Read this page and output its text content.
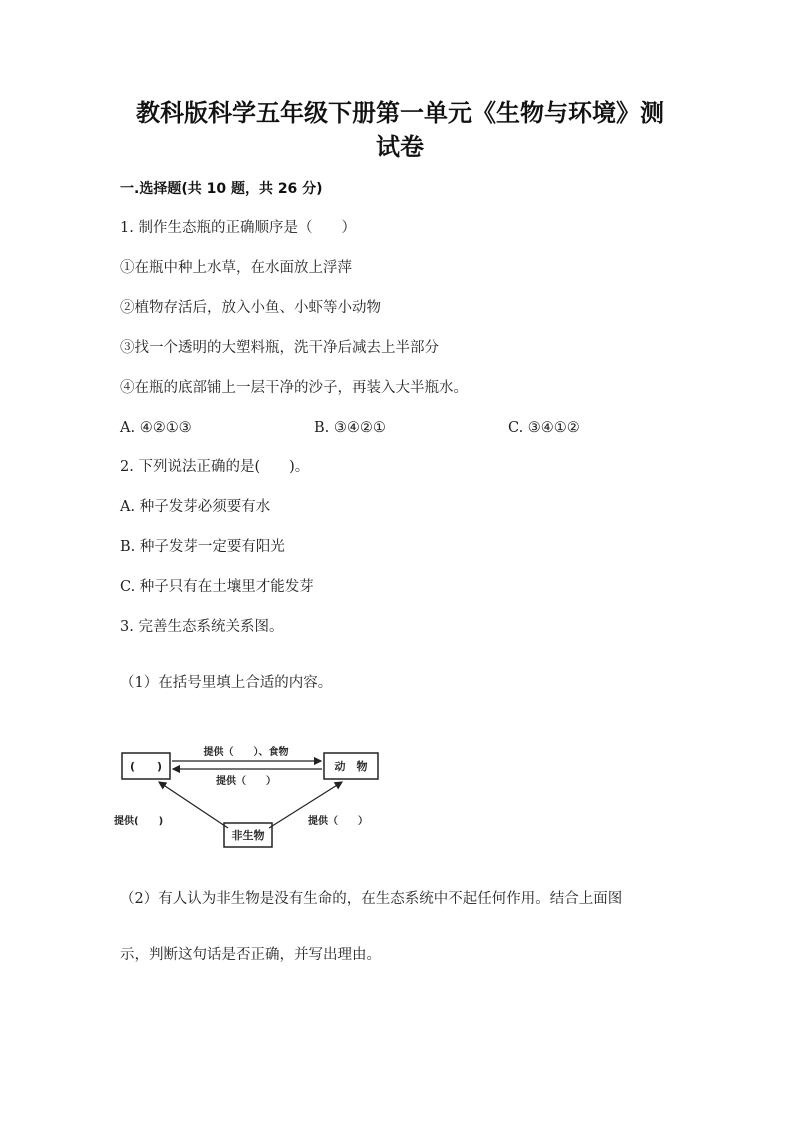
教科版科学五年级下册第一单元《生物与环境》测
试卷
一.选择题(共 10 题，共 26 分)
1. 制作生态瓶的正确顺序是（　　）
①在瓶中种上水草，在水面放上浮萍
②植物存活后，放入小鱼、小虾等小动物
③找一个透明的大塑料瓶，洗干净后减去上半部分
④在瓶的底部铺上一层干净的沙子，再装入大半瓶水。
A. ④②①③	B. ③④②①	C. ③④①②
2. 下列说法正确的是(　　)。
A. 种子发芽必须要有水
B. 种子发芽一定要有阳光
C. 种子只有在土壤里才能发芽
3. 完善生态系统关系图。
（1）在括号里填上合适的内容。
(　　)	动　物
非生物
提供（　　）、食物
提供（　　）
提供(　　)	提供（　　）
（2）有人认为非生物是没有生命的，在生态系统中不起任何作用。结合上面图
示，判断这句话是否正确，并写出理由。
